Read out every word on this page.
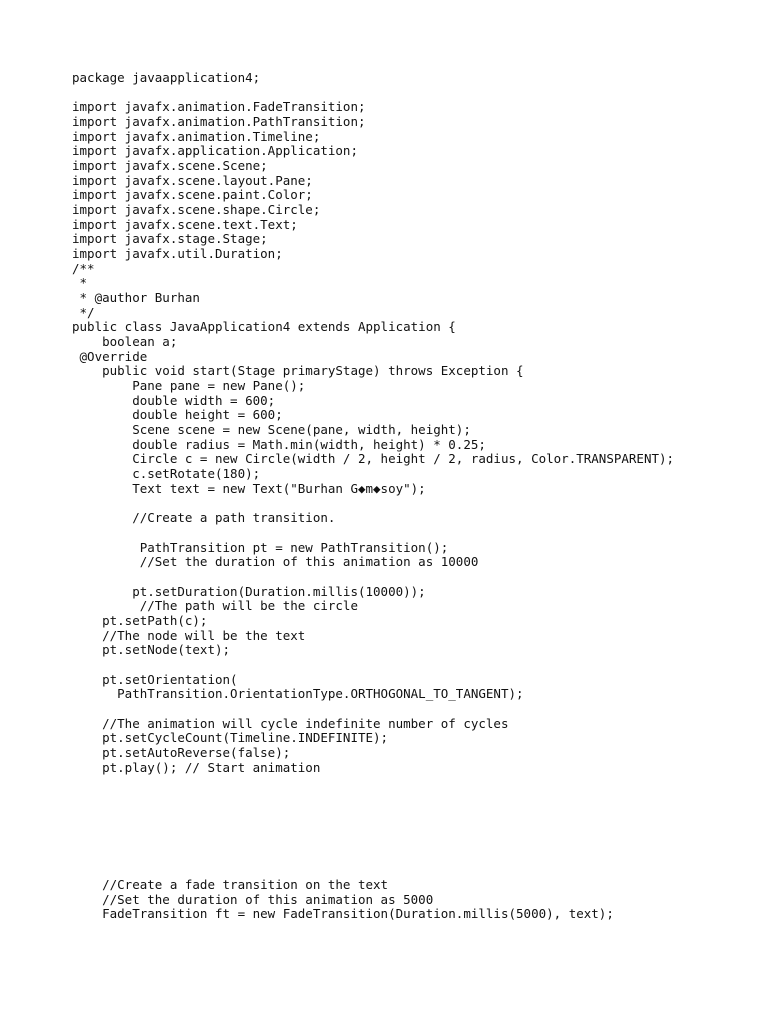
package javaapplication4;
import javafx.animation.FadeTransition;
import javafx.animation.PathTransition;
import javafx.animation.Timeline;
import javafx.application.Application;
import javafx.scene.Scene;
import javafx.scene.layout.Pane;
import javafx.scene.paint.Color;
import javafx.scene.shape.Circle;
import javafx.scene.text.Text;
import javafx.stage.Stage;
import javafx.util.Duration;
/**
*
* @author Burhan
*/
public class JavaApplication4 extends Application {
boolean a;
@Override
public void start(Stage primaryStage) throws Exception {
Pane pane = new Pane();
double width = 600;
double height = 600;
Scene scene = new Scene(pane, width, height);
double radius = Math.min(width, height) * 0.25;
Circle c = new Circle(width / 2, height / 2, radius, Color.TRANSPARENT);
c.setRotate(180);
Text text = new Text("Burhan G◆m◆soy");
//Create a path transition.
PathTransition pt = new PathTransition();
//Set the duration of this animation as 10000
pt.setDuration(Duration.millis(10000));
//The path will be the circle
pt.setPath(c);
//The node will be the text
pt.setNode(text);
pt.setOrientation(
PathTransition.OrientationType.ORTHOGONAL_TO_TANGENT);
//The animation will cycle indefinite number of cycles
pt.setCycleCount(Timeline.INDEFINITE);
pt.setAutoReverse(false);
pt.play(); // Start animation
//Create a fade transition on the text
//Set the duration of this animation as 5000
FadeTransition ft = new FadeTransition(Duration.millis(5000), text);
